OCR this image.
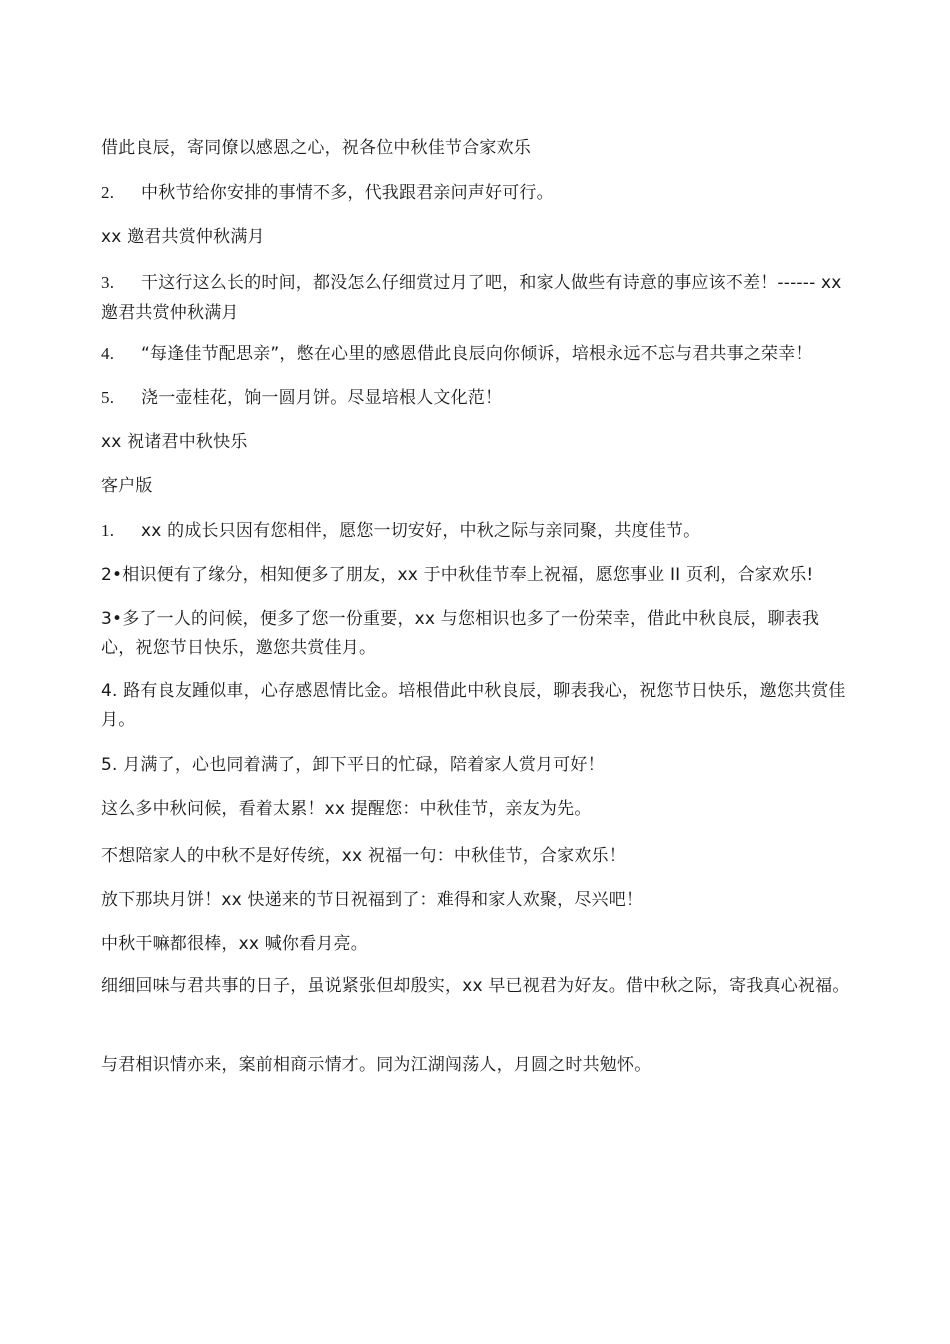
借此良辰，寄同僚以感恩之心，祝各位中秋佳节合家欢乐
2. 中秋节给你安排的事情不多，代我跟君亲问声好可行。
xx 邀君共赏仲秋满月
3. 干这行这么长的时间，都没怎么仔细赏过月了吧，和家人做些有诗意的事应该不差！------ xx 邀君共赏仲秋满月
4. “每逢佳节配思亲”，憋在心里的感恩借此良辰向你倾诉，培根永远不忘与君共事之荣幸！
5. 浇一壶桂花，饷一圆月饼。尽显培根人文化范！
xx 祝诸君中秋快乐
客户版
1. xx 的成长只因有您相伴，愿您一切安好，中秋之际与亲同聚，共度佳节。
2•相识便有了缘分，相知便多了朋友，xx 于中秋佳节奉上祝福，愿您事业 II 页利，合家欢乐!
3•多了一人的问候，便多了您一份重要，xx 与您相识也多了一份荣幸，借此中秋良辰，聊表我心，祝您节日快乐，邀您共赏佳月。
4. 路有良友踵似車，心存感恩情比金。培根借此中秋良辰，聊表我心，祝您节日快乐，邀您共赏佳月。
5. 月满了，心也同着满了，卸下平日的忙碌，陪着家人赏月可好！
这么多中秋问候，看着太累！xx 提醒您：中秋佳节，亲友为先。
不想陪家人的中秋不是好传统，xx 祝福一句：中秋佳节，合家欢乐！
放下那块月饼！xx 快递来的节日祝福到了：难得和家人欢聚，尽兴吧！
中秋干嘛都很棒，xx 喊你看月亮。
细细回味与君共事的日子，虽说紧张但却殷实，xx 早已视君为好友。借中秋之际，寄我真心祝福。
与君相识情亦来，案前相商示情才。同为江湖闯荡人，月圆之时共勉怀。
